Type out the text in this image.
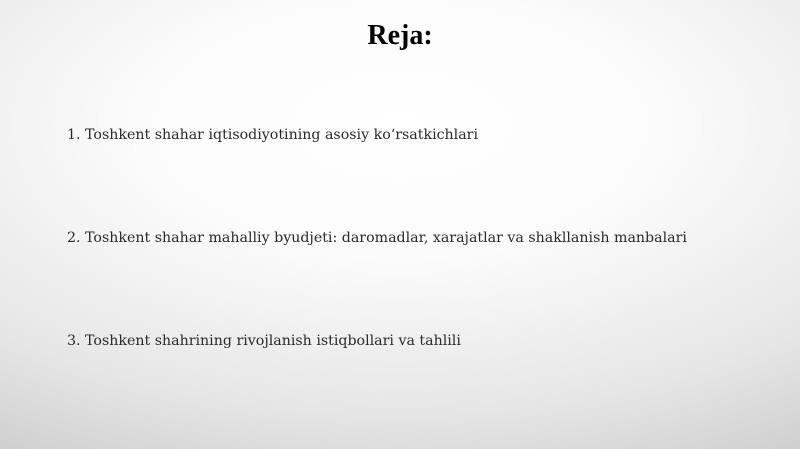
Reja:
1. Toshkent shahar iqtisodiyotining asosiy ko‘rsatkichlari
2. Toshkent shahar mahalliy byudjeti: daromadlar, xarajatlar va shakllanish manbalari
3. Toshkent shahrining rivojlanish istiqbollari va tahlili
